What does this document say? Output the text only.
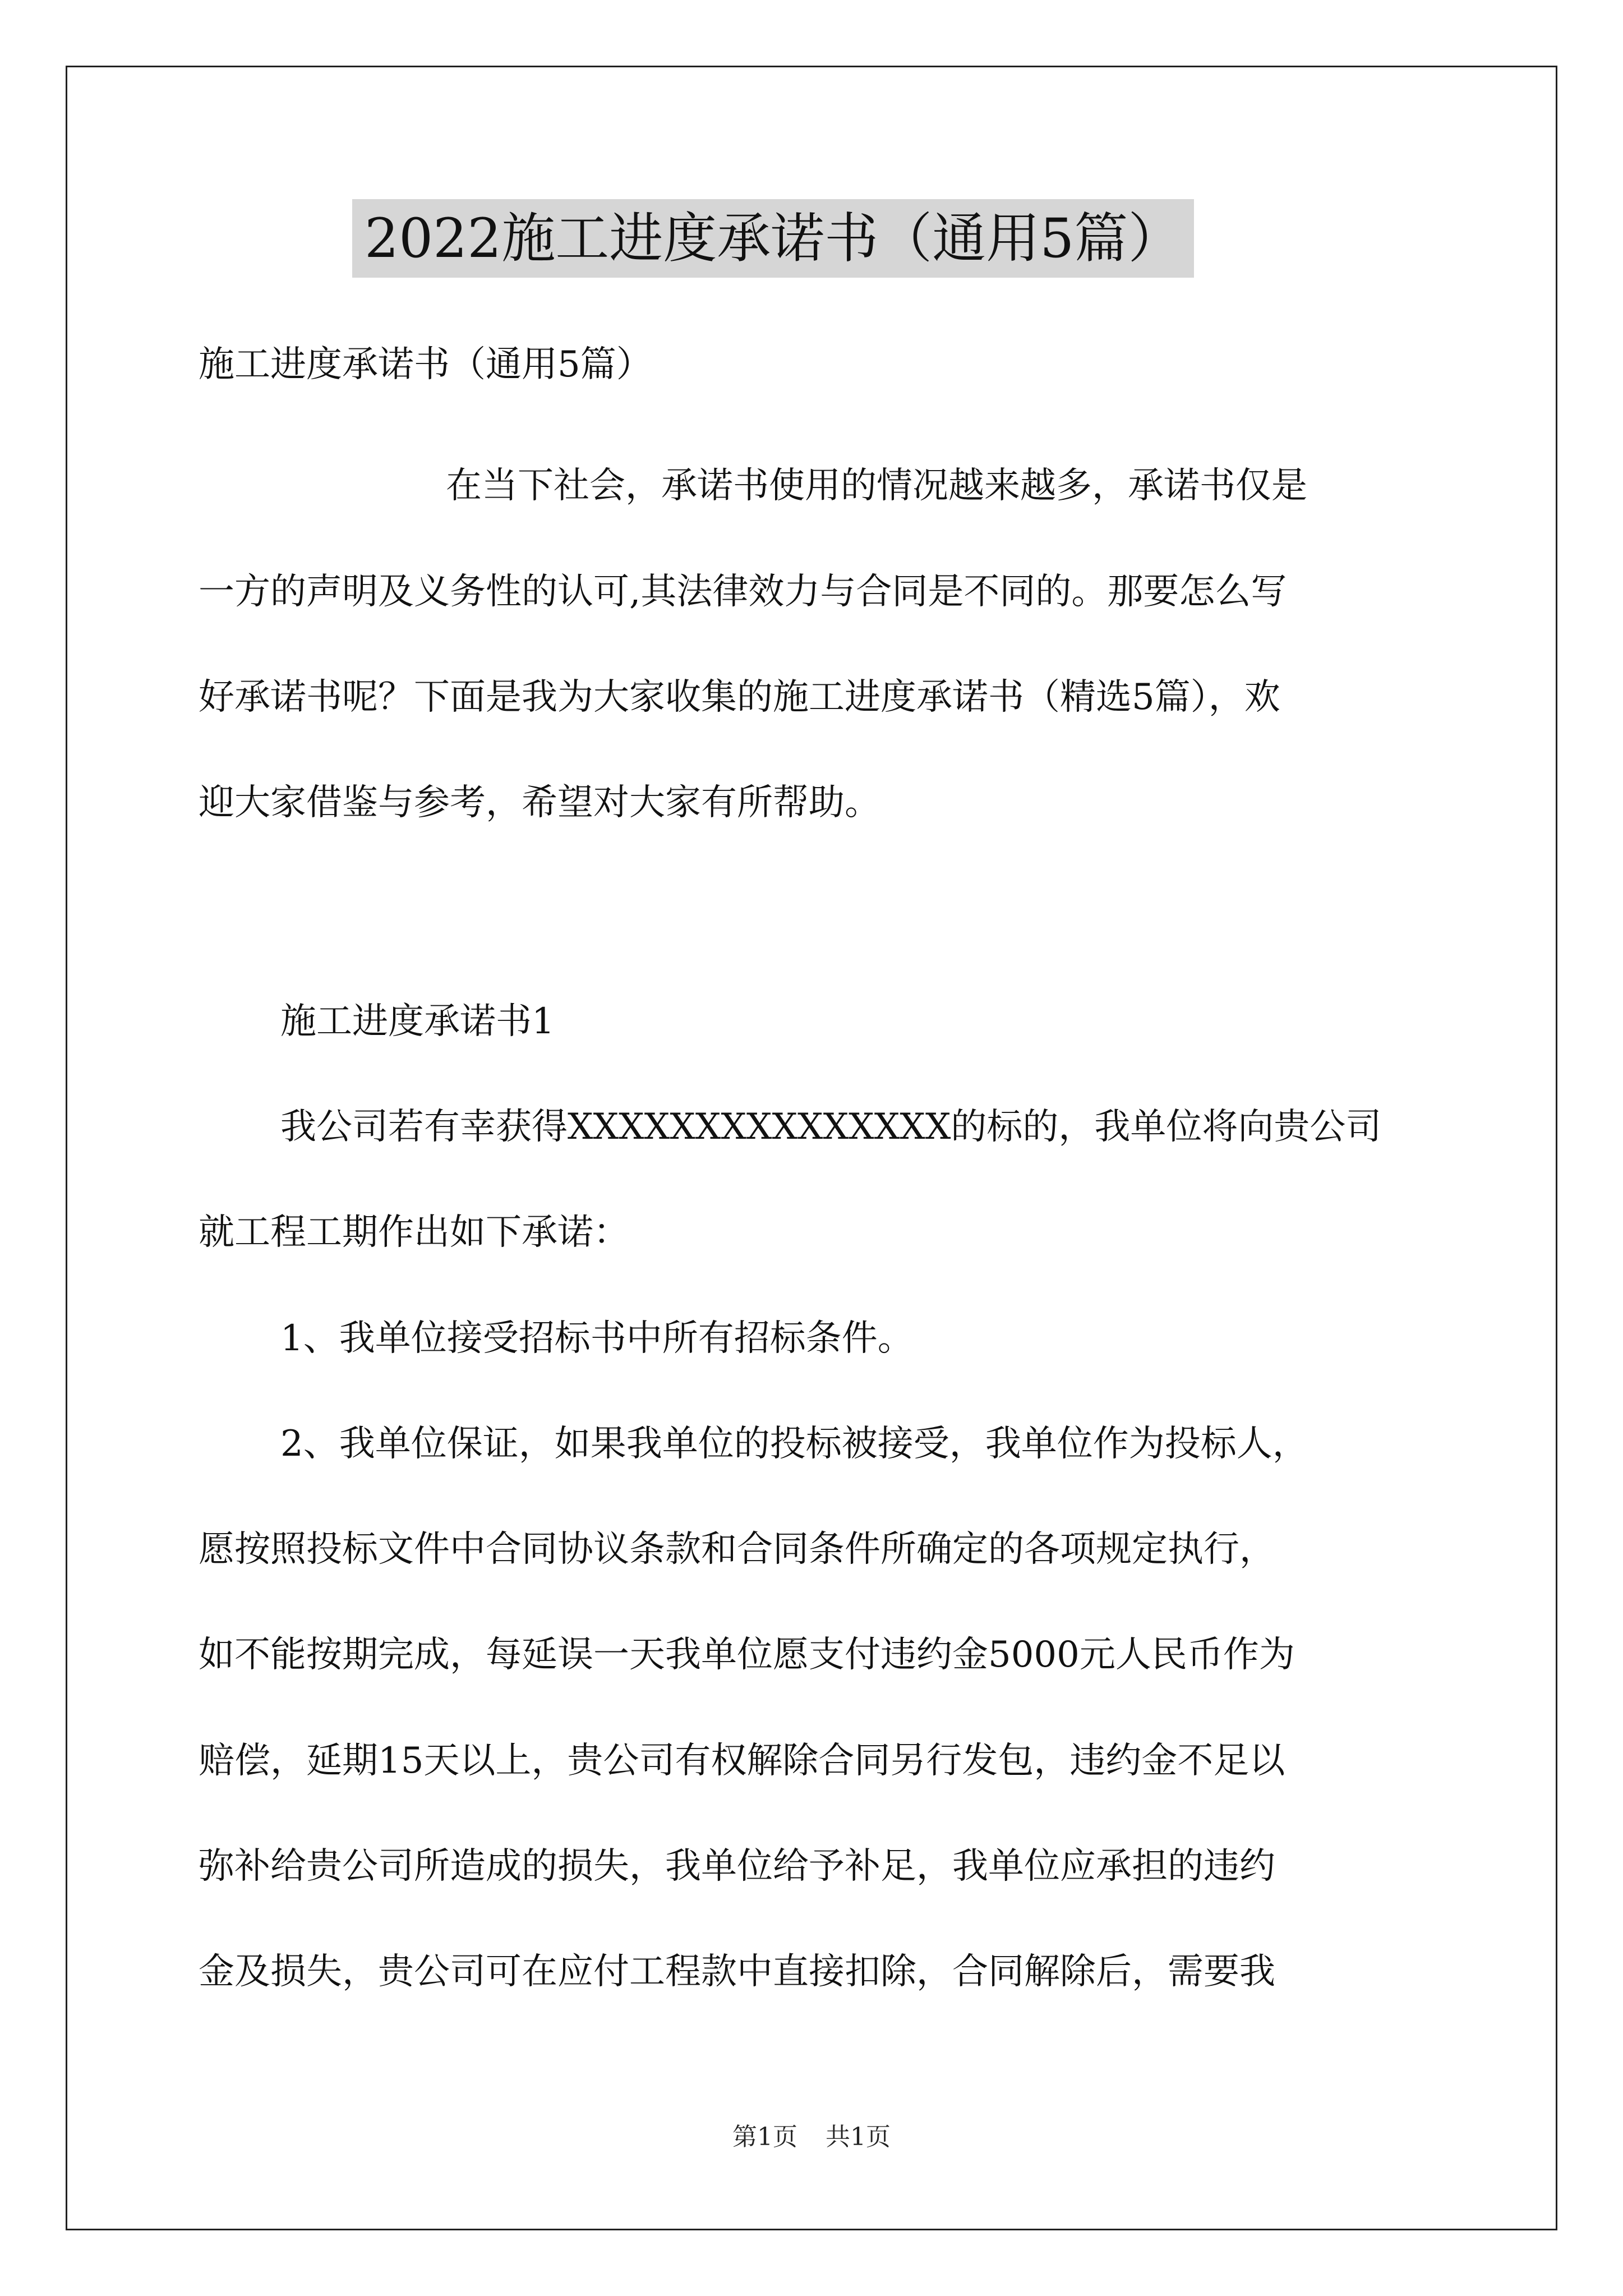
2022施工进度承诺书（通用5篇）
施工进度承诺书（通用5篇）
在当下社会，承诺书使用的情况越来越多，承诺书仅是
一方的声明及义务性的认可,其法律效力与合同是不同的。那要怎么写
好承诺书呢？下面是我为大家收集的施工进度承诺书（精选5篇），欢
迎大家借鉴与参考，希望对大家有所帮助。
施工进度承诺书1
我公司若有幸获得XXXXXXXXXXXXXXX的标的，我单位将向贵公司
就工程工期作出如下承诺：
1、我单位接受招标书中所有招标条件。
2、我单位保证，如果我单位的投标被接受，我单位作为投标人，
愿按照投标文件中合同协议条款和合同条件所确定的各项规定执行，
如不能按期完成，每延误一天我单位愿支付违约金5000元人民币作为
赔偿，延期15天以上，贵公司有权解除合同另行发包，违约金不足以
弥补给贵公司所造成的损失，我单位给予补足，我单位应承担的违约
金及损失，贵公司可在应付工程款中直接扣除，合同解除后，需要我
第1页 共1页
